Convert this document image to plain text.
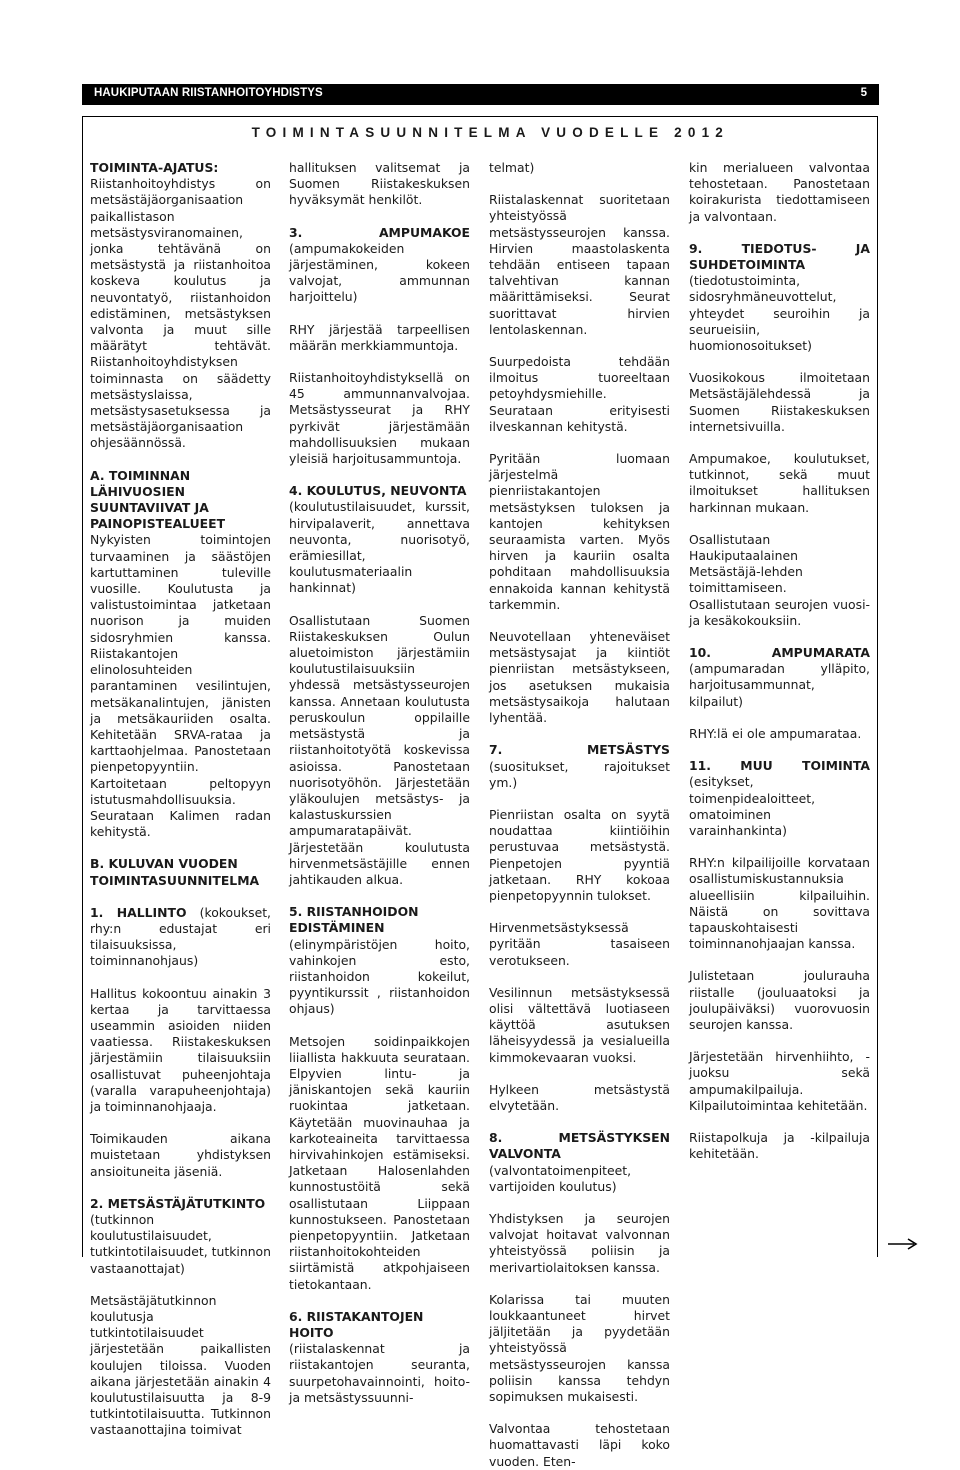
HAUKIPUTAAN RIISTANHOITOYHDISTYS	5
TOIMINTASUUNNITELMA VUODELLE 2012
TOIMINTA-AJATUS:

Riistanhoitoyhdistys on metsästäjäorganisaation paikallistason metsästysviranomainen, jonka tehtävänä on metsästystä ja riistanhoitoa koskeva koulutus ja neuvontatyö, riistanhoidon edistäminen, metsästyksen valvonta ja muut sille määrätyt tehtävät. Riistanhoitoyhdistyksen toiminnasta on säädetty metsästyslaissa, metsästysasetuksessa ja metsästäjäorganisaation ohjesäännössä.

A. TOIMINNAN LÄHIVUOSIEN SUUNTAVIIVAT JA PAINOPISTEALUEET

Nykyisten toimintojen turvaaminen ja säästöjen kartuttaminen tuleville vuosille. Koulutusta ja valistustoimintaa jatketaan nuorison ja muiden sidosryhmien kanssa. Riistakantojen elinolosuhteiden parantaminen vesilintujen, metsäkanalintujen, jänisten ja metsäkauriiden osalta. Kehitetään SRVA-rataa ja karttaohjelmaa. Panostetaan pienpetopyyntiin. Kartoitetaan peltopyyn istutusmahdollisuuksia. Seurataan Kalimen radan kehitystä.

B. KULUVAN VUODEN TOIMINTASUUNNITELMA

1. HALLINTO (kokoukset, rhy:n edustajat eri tilaisuuksissa, toiminnanohjaus)

Hallitus kokoontuu ainakin 3 kertaa ja tarvittaessa useammin asioiden niiden vaatiessa. Riistakeskuksen järjestämiin tilaisuuksiin osallistuvat puheenjohtaja (varalla varapuheenjohtaja) ja toiminnanohjaaja.

Toimikauden aikana muistetaan yhdistyksen ansioituneita jäseniä.

2. METSÄSTÄJÄTUTKINTO

(tutkinnon koulutustilaisuudet, tutkintotilaisuudet, tutkinnon vastaanottajat)

Metsästäjätutkinnon koulutusja tutkintotilaisuudet järjestetään paikallisten koulujen tiloissa. Vuoden aikana järjestetään ainakin 4 koulutustilaisuutta ja 8-9 tutkintotilaisuutta. Tutkinnon vastaanottajina toimivat

hallituksen valitsemat ja Suomen Riistakeskuksen hyväksymät henkilöt.

3. AMPUMAKOE (ampumakokeiden järjestäminen, kokeen valvojat, ammunnan harjoittelu)

RHY järjestää tarpeellisen määrän merkkiammuntoja.

Riistanhoitoyhdistyksellä on 45 ammunnanvalvojaa. Metsästysseurat ja RHY pyrkivät järjestämään mahdollisuuksien mukaan yleisiä harjoitusammuntoja.

4. KOULUTUS, NEUVONTA

(koulutustilaisuudet, kurssit, hirvipalaverit, annettava neuvonta, nuorisotyö, erämiesillat, koulutusmateriaalin hankinnat)

Osallistutaan Suomen Riistakeskuksen Oulun aluetoimiston järjestämiin koulutustilaisuuksiin yhdessä metsästysseurojen kanssa. Annetaan koulutusta peruskoulun oppilaille metsästystä ja riistanhoitotyötä koskevissa asioissa. Panostetaan nuorisotyöhön. Järjestetään yläkoulujen metsästys- ja kalastuskurssien ampumaratapäivät. Järjestetään koulutusta hirvenmetsästäjille ennen jahtikauden alkua.

5. RIISTANHOIDON EDISTÄMINEN

(elinympäristöjen hoito, vahinkojen esto, riistanhoidon kokeilut, pyyntikurssit , riistanhoidon ohjaus)

Metsojen soidinpaikkojen liiallista hakkuuta seurataan. Elpyvien lintu- ja jäniskantojen sekä kauriin ruokintaa jatketaan. Käytetään muovinauhaa ja karkoteaineita tarvittaessa hirvivahinkojen estämiseksi. Jatketaan Halosenlahden kunnostustöitä sekä osallistutaan Liippaan kunnostukseen. Panostetaan pienpetopyyntiin. Jatketaan riistanhoitokohteiden siirtämistä atkpohjaiseen tietokantaan.

6. RIISTAKANTOJEN HOITO

(riistalaskennat ja riistakantojen seuranta, suurpetohavainnointi, hoito- ja metsästyssuunni-

telmat)

Riistalaskennat suoritetaan yhteistyössä metsästysseurojen kanssa. Hirvien maastolaskenta tehdään entiseen tapaan talvehtivan kannan määrittämiseksi. Seurat suorittavat hirvien lentolaskennan.

Suurpedoista tehdään ilmoitus tuoreeltaan petoyhdysmiehille. Seurataan erityisesti ilveskannan kehitystä.

Pyritään luomaan järjestelmä pienriistakantojen metsästyksen tuloksen ja kantojen kehityksen seuraamista varten. Myös hirven ja kauriin osalta pohditaan mahdollisuuksia ennakoida kannan kehitystä tarkemmin.

Neuvotellaan yhteneväiset metsästysajat ja kiintiöt pienriistan metsästykseen, jos asetuksen mukaisia metsästysaikoja halutaan lyhentää.

7. METSÄSTYS (suositukset, rajoitukset ym.)

Pienriistan osalta on syytä noudattaa kiintiöihin perustuvaa metsästystä. Pienpetojen pyyntiä jatketaan. RHY kokoaa pienpetopyynnin tulokset.

Hirvenmetsästyksessä pyritään tasaiseen verotukseen.

Vesilinnun metsästyksessä olisi vältettävä luotiaseen käyttöä asutuksen läheisyydessä ja vesialueilla kimmokevaaran vuoksi.

Hylkeen metsästystä elvytetään.

8. METSÄSTYKSEN VALVONTA (valvontatoimenpiteet, vartijoiden koulutus)

Yhdistyksen ja seurojen valvojat hoitavat valvonnan yhteistyössä poliisin ja merivartiolaitoksen kanssa.

Kolarissa tai muuten loukkaantuneet hirvet jäljitetään ja pyydetään yhteistyössä metsästysseurojen kanssa poliisin kanssa tehdyn sopimuksen mukaisesti.

Valvontaa tehostetaan huomattavasti läpi koko vuoden. Eten-

kin merialueen valvontaa tehostetaan. Panostetaan koirakurista tiedottamiseen ja valvontaan.

9. TIEDOTUS- JA SUHDETOIMINTA (tiedotustoiminta, sidosryhmäneuvottelut, yhteydet seuroihin ja seurueisiin, huomionosoitukset)

Vuosikokous ilmoitetaan Metsästäjälehdessä ja Suomen Riistakeskuksen internetsivuilla.

Ampumakoe, koulutukset, tutkinnot, sekä muut ilmoitukset hallituksen harkinnan mukaan.

Osallistutaan Haukiputaalainen Metsästäjä-lehden toimittamiseen. Osallistutaan seurojen vuosi- ja kesäkokouksiin.

10. AMPUMARATA (ampumaradan ylläpito, harjoitusammunnat, kilpailut)

RHY:lä ei ole ampumarataa.

11. MUU TOIMINTA (esitykset, toimenpidealoitteet, omatoiminen varainhankinta)

RHY:n kilpailijoille korvataan osallistumiskustannuksia alueellisiin kilpailuihin. Näistä on sovittava tapauskohtaisesti toiminnanohjaajan kanssa.

Julistetaan joulurauha riistalle (jouluaatoksi ja joulupäiväksi) vuorovuosin seurojen kanssa.

Järjestetään hirvenhiihto, -juoksu sekä ampumakilpailuja. Kilpailutoimintaa kehitetään.

Riistapolkuja ja -kilpailuja kehitetään.
